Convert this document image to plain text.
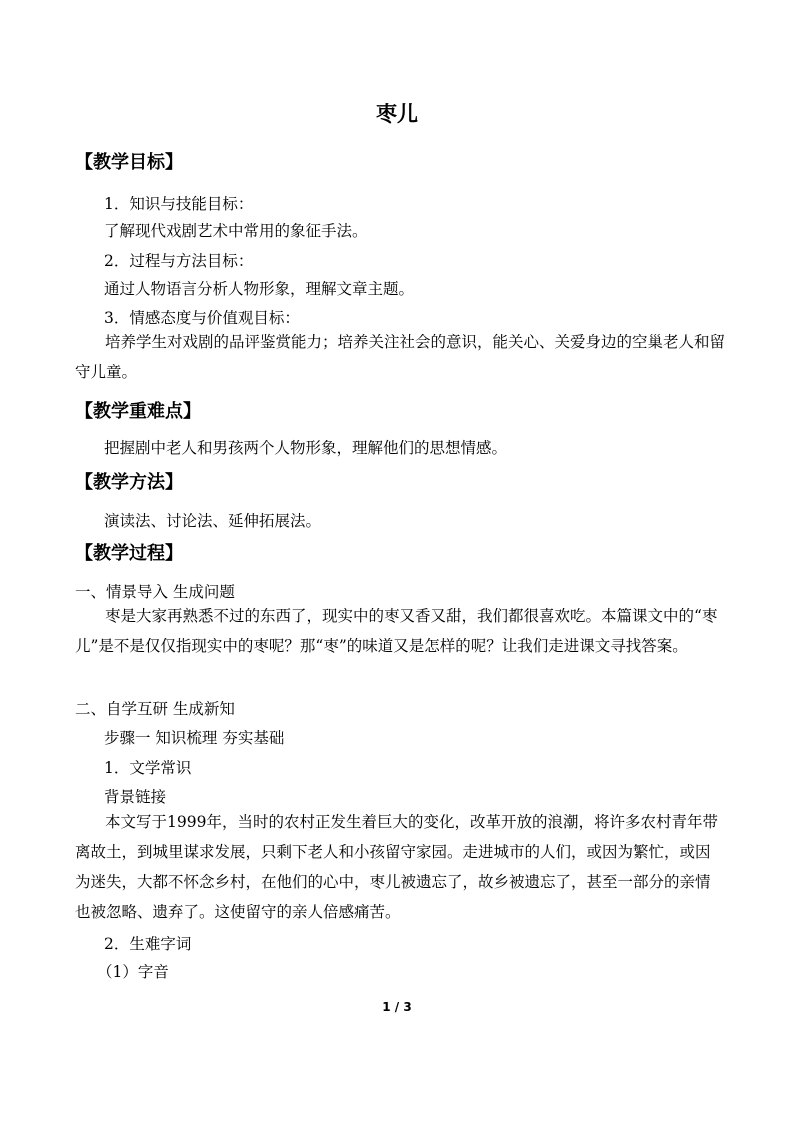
枣儿
【教学目标】
1．知识与技能目标：
了解现代戏剧艺术中常用的象征手法。
2．过程与方法目标：
通过人物语言分析人物形象，理解文章主题。
3．情感态度与价值观目标：
培养学生对戏剧的品评鉴赏能力；培养关注社会的意识，能关心、关爱身边的空巢老人和留守儿童。
【教学重难点】
把握剧中老人和男孩两个人物形象，理解他们的思想情感。
【教学方法】
演读法、讨论法、延伸拓展法。
【教学过程】
一、情景导入 生成问题
枣是大家再熟悉不过的东西了，现实中的枣又香又甜，我们都很喜欢吃。本篇课文中的“枣儿”是不是仅仅指现实中的枣呢？那“枣”的味道又是怎样的呢？让我们走进课文寻找答案。
二、自学互研 生成新知
步骤一 知识梳理 夯实基础
1．文学常识
背景链接
本文写于1999年，当时的农村正发生着巨大的变化，改革开放的浪潮，将许多农村青年带离故土，到城里谋求发展，只剩下老人和小孩留守家园。走进城市的人们，或因为繁忙，或因为迷失，大都不怀念乡村，在他们的心中，枣儿被遗忘了，故乡被遗忘了，甚至一部分的亲情也被忽略、遗弃了。这使留守的亲人倍感痛苦。
2．生难字词
（1）字音
1 / 3
